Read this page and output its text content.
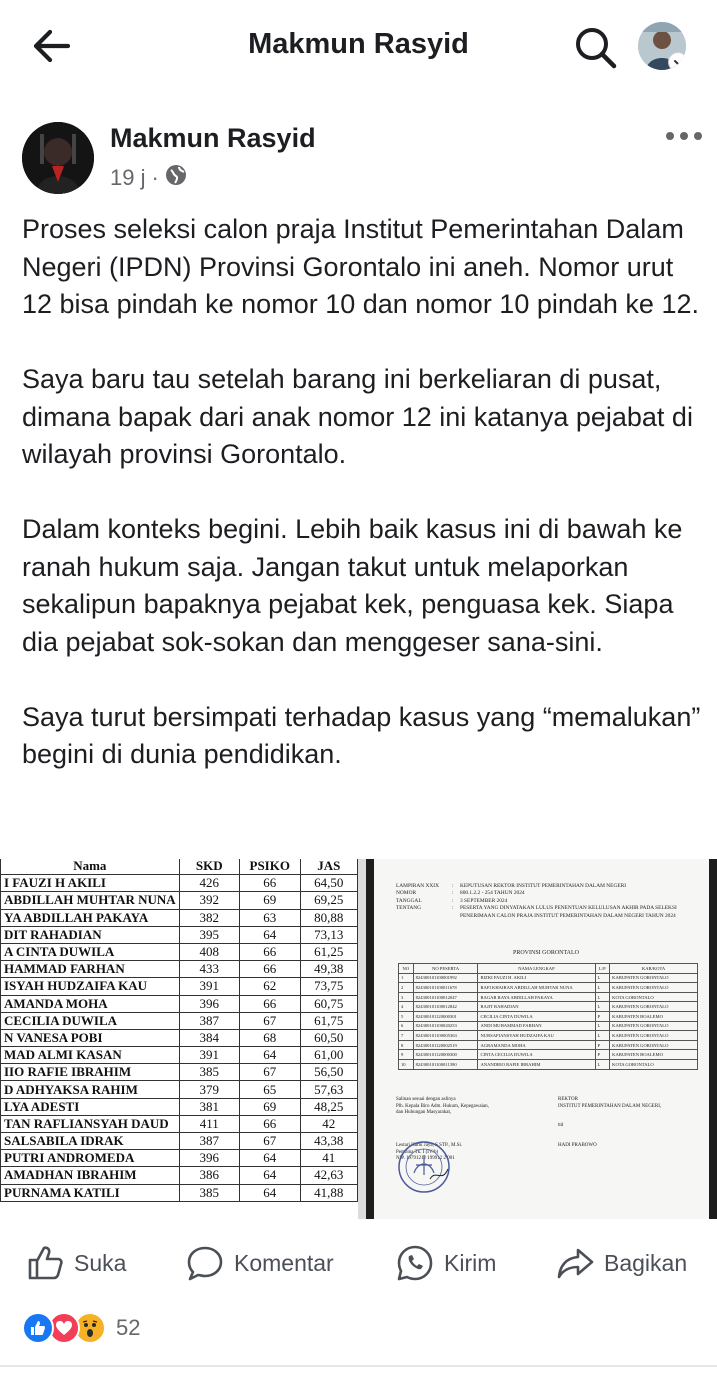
Makmun Rasyid
Makmun Rasyid
19 j ·

Proses seleksi calon praja Institut Pemerintahan Dalam Negeri (IPDN) Provinsi Gorontalo ini aneh. Nomor urut 12 bisa pindah ke nomor 10 dan nomor 10 pindah ke 12.

Saya baru tau setelah barang ini berkeliaran di pusat, dimana bapak dari anak nomor 12 ini katanya pejabat di wilayah provinsi Gorontalo.

Dalam konteks begini. Lebih baik kasus ini di bawah ke ranah hukum saja. Jangan takut untuk melaporkan sekalipun bapaknya pejabat kek, penguasa kek. Siapa dia pejabat sok-sokan dan menggeser sana-sini.

Saya turut bersimpati terhadap kasus yang “memalukan” begini di dunia pendidikan.

Nama	SKD	PSIKO	JAS
I FAUZI H AKILI	426	66	64,50
ABDILLAH MUHTAR NUNA	392	69	69,25
YA ABDILLAH PAKAYA	382	63	80,88
DIT RAHADIAN	395	64	73,13
A CINTA DUWILA	408	66	61,25
HAMMAD FARHAN	433	66	49,38
ISYAH HUDZAIFA KAU	391	62	73,75
AMANDA MOHA	396	66	60,75
CECILIA DUWILA	387	67	61,75
N VANESA POBI	384	68	60,50
MAD ALMI KASAN	391	64	61,00
IIO RAFIE IBRAHIM	385	67	56,50
D ADHYAKSA RAHIM	379	65	57,63
LYA ADESTI	381	69	48,25
TAN RAFLIANSYAH DAUD	411	66	42
SALSABILA IDRAK	387	67	43,38
PUTRI ANDROMEDA	396	64	41
AMADHAN IBRAHIM	386	64	42,63
PURNAMA KATILI	385	64	41,88
LAMPIRAN XXIX	:	KEPUTUSAN REKTOR INSTITUT PEMERINTAHAN DALAM NEGERI
NOMOR	:	800.1.2.2 - 254 TAHUN 2024
TANGGAL	:	3 SEPTEMBER 2024
TENTANG	:	PESERTA YANG DINYATAKAN LULUS PENENTUAN KELULUSAN AKHIR PADA SELEKSI PENERIMAAN CALON PRAJA INSTITUT PEMERINTAHAN DALAM NEGERI TAHUN 2024
PROVINSI GORONTALO
NO	NO PESERTA	NAMA LENGKAP	L/P	KAB/KOTA
1	824300101100001992	RIZKI FAUZI H. AKILI	L	KABUPATEN GORONTALO
2	824300101100011678	RAFI KHAIRAN ABDILLAH MUHTAR NUNA	L	KABUPATEN GORONTALO
3	824300101100012047	RAGAR RAYA ABDILLAH PAKAYA	L	KOTA GORONTALO
4	824300101100012842	RAJIT RAHADIAN	L	KABUPATEN GORONTALO
5	824300101120000301	CECILIA CINTA DUWILA	P	KABUPATEN BOALEMO
6	824300101100020253	ANDI MUHAMMAD FARHAN	L	KABUPATEN GORONTALO
7	824300101100005363	NURSAFIANSYAH HUDZAIFA KAU	L	KABUPATEN GORONTALO
8	824300101120002519	AGRAMANDA MOHA	P	KABUPATEN GORONTALO
9	824300101120000300	CINTA CECILIA DUWILA	P	KABUPATEN BOALEMO
10	824300101100011390	ANANDRIO RAFIE IBRAHIM	L	KOTA GORONTALO
Salinan sesuai dengan aslinya
Plh. Kepala Biro Adm. Hukum, Kepegawaian,
dan Hubungan Masyarakat,
Lestari Harni Jaya, S.STP., M.Si.
Pembina Tk. I (IV/b)
NIP. 19791212 199912 2 001
REKTOR
INSTITUT PEMERINTAHAN DALAM NEGERI,
ttd
HADI PRABOWO
Suka	Komentar	Kirim	Bagikan
52
